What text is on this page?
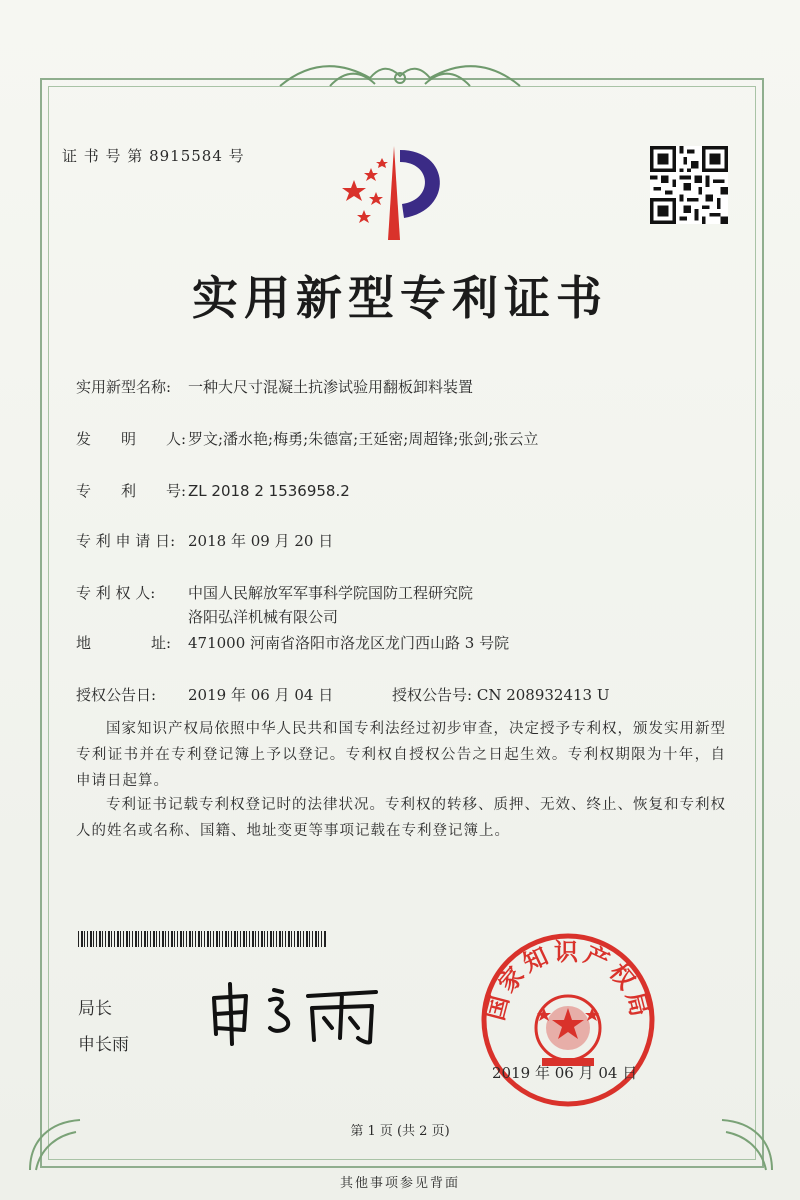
证 书 号 第 8915584 号
实用新型专利证书
实用新型名称: 一种大尺寸混凝土抗渗试验用翻板卸料装置
发　　明　　人: 罗文;潘水艳;梅勇;朱德富;王延密;周超锋;张剑;张云立
专　　利　　号: ZL 2018 2 1536958.2
专 利 申 请 日: 2018 年 09 月 20 日
专 利 权 人: 中国人民解放军军事科学院国防工程研究院
洛阳弘洋机械有限公司
地　　　　址: 471000 河南省洛阳市洛龙区龙门西山路 3 号院
授权公告日: 2019 年 06 月 04 日	授权公告号: CN 208932413 U
国家知识产权局依照中华人民共和国专利法经过初步审查，决定授予专利权，颁发实用新型专利证书并在专利登记簿上予以登记。专利权自授权公告之日起生效。专利权期限为十年，自申请日起算。
专利证书记载专利权登记时的法律状况。专利权的转移、质押、无效、终止、恢复和专利权人的姓名或名称、国籍、地址变更等事项记载在专利登记簿上。
局长
申长雨
国家知识产权局
2019 年 06 月 04 日
第 1 页 (共 2 页)
其他事项参见背面
